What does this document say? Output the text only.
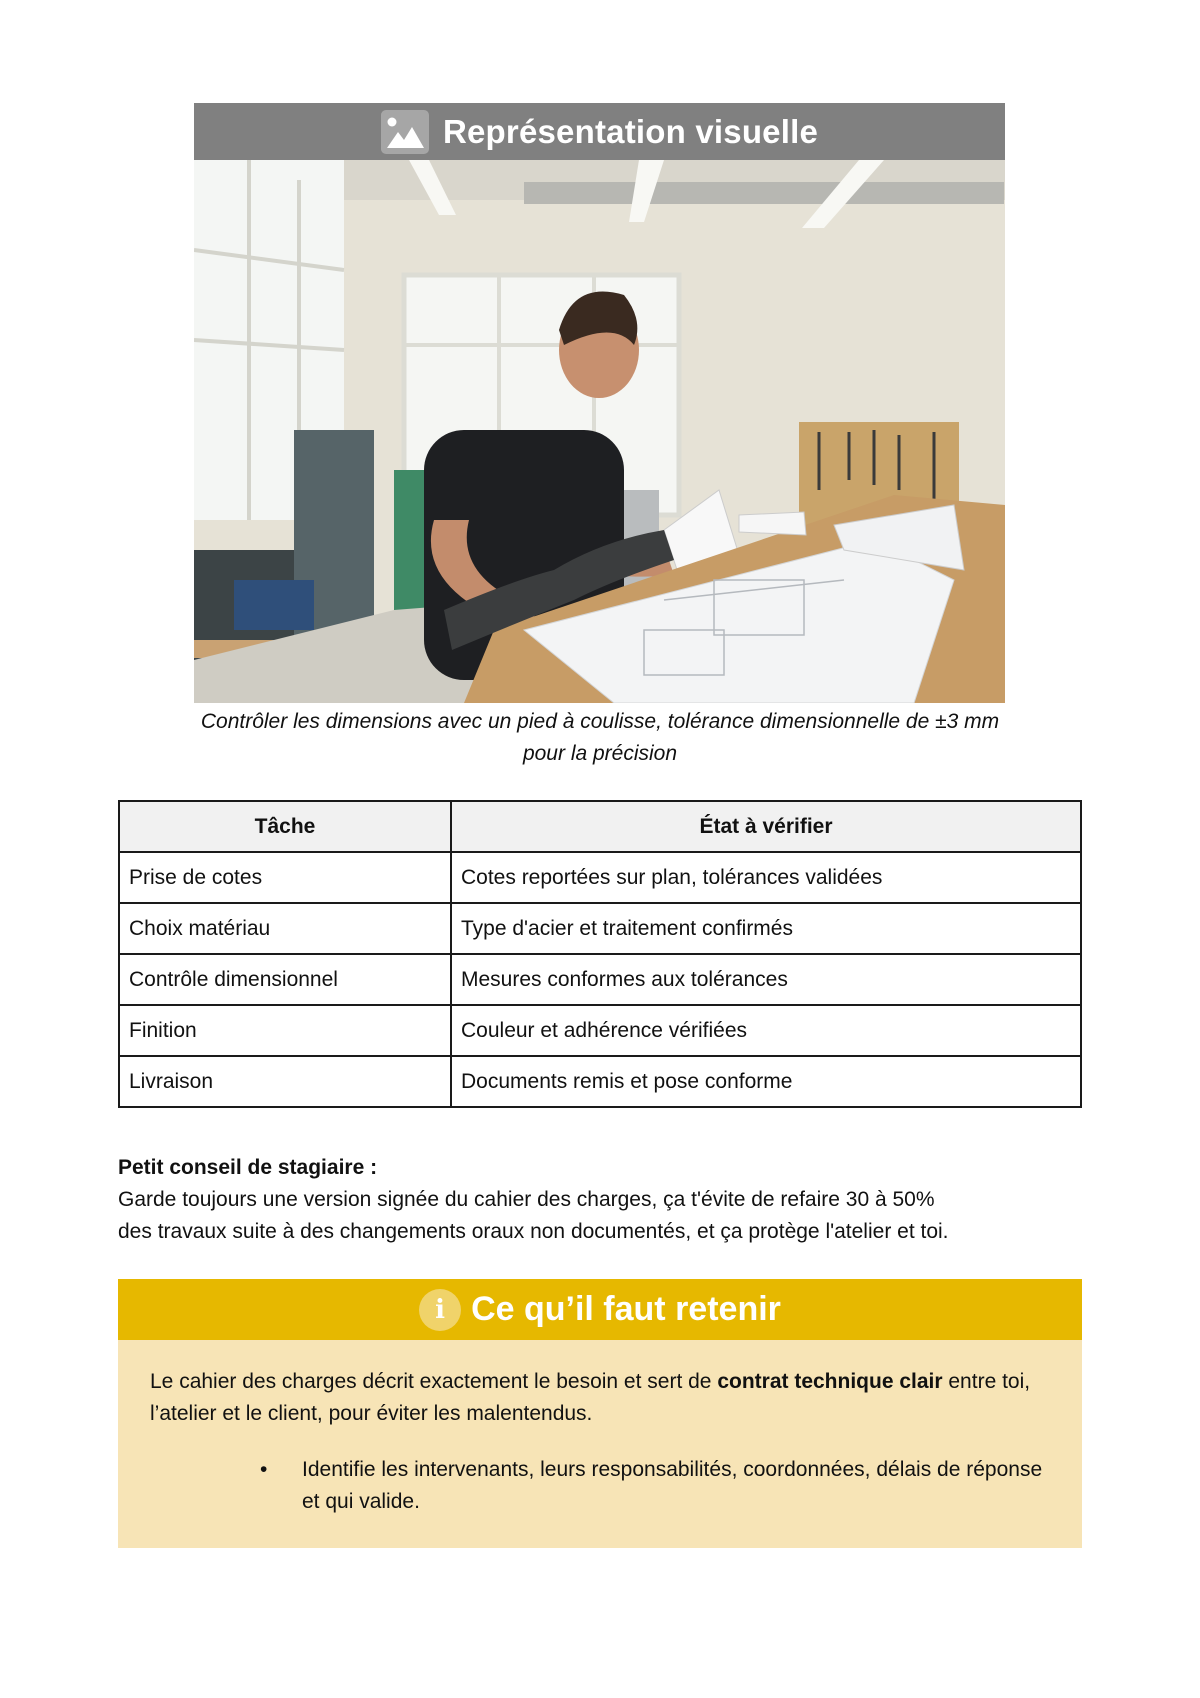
Représentation visuelle
Contrôler les dimensions avec un pied à coulisse, tolérance dimensionnelle de ±3 mm
pour la précision
Tâche	État à vérifier
Prise de cotes	Cotes reportées sur plan, tolérances validées
Choix matériau	Type d'acier et traitement confirmés
Contrôle dimensionnel	Mesures conformes aux tolérances
Finition	Couleur et adhérence vérifiées
Livraison	Documents remis et pose conforme
Petit conseil de stagiaire :
Garde toujours une version signée du cahier des charges, ça t'évite de refaire 30 à 50%
des travaux suite à des changements oraux non documentés, et ça protège l'atelier et toi.
i Ce qu’il faut retenir

Le cahier des charges décrit exactement le besoin et sert de contrat technique clair entre toi, l’atelier et le client, pour éviter les malentendus.

• Identifie les intervenants, leurs responsabilités, coordonnées, délais de réponse et qui valide.
